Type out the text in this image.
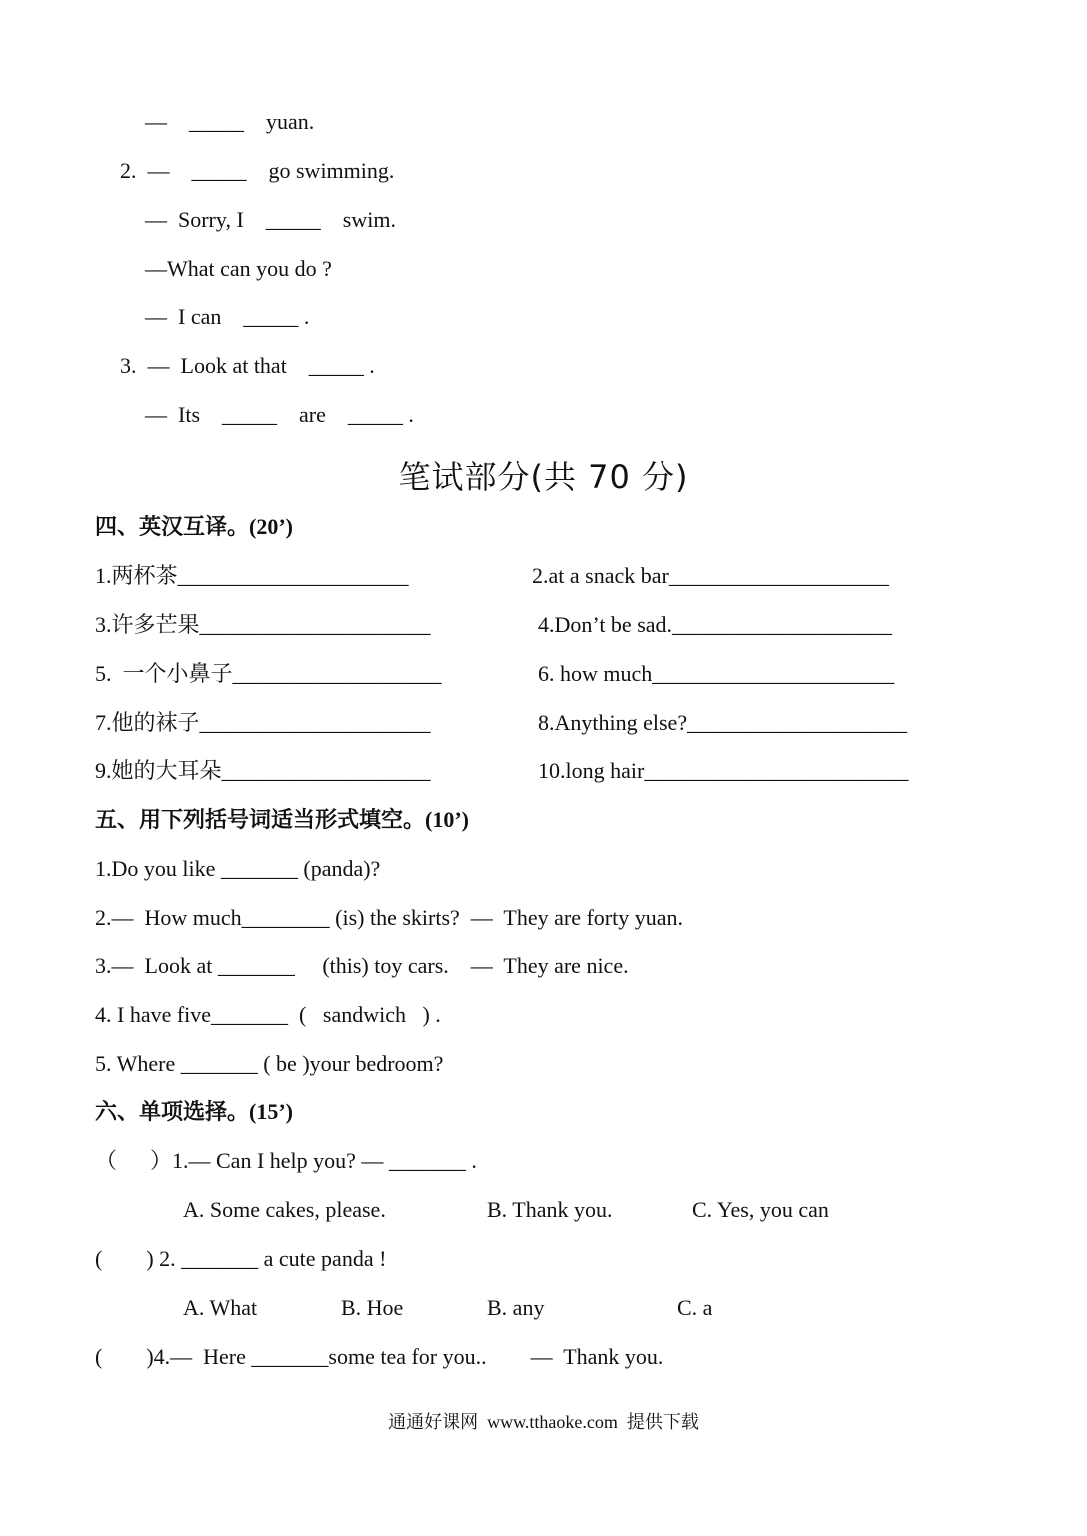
—    _____    yuan.
2.  —    _____    go swimming.
—  Sorry, I    _____    swim.
—What can you do ?
—  I can    _____ .
3.  —  Look at that    _____ .
—  Its    _____    are    _____ .
笔试部分(共 70 分)
四、英汉互译。(20’)
1.两杯茶_____________________	2.at a snack bar____________________
3.许多芒果_____________________	4.Don’t be sad.____________________
5.  一个小鼻子___________________	6. how much______________________
7.他的袜子_____________________	8.Anything else?____________________
9.她的大耳朵___________________	10.long hair________________________
五、用下列括号词适当形式填空。(10’)
1.Do you like _______ (panda)?
2.—  How much________ (is) the skirts?  —  They are forty yuan.
3.—  Look at _______     (this) toy cars.    —  They are nice.
4. I have five_______  (   sandwich   ) .
5. Where _______ ( be )your bedroom?
六、单项选择。(15’)
（      ）1.— Can I help you? — _______ .
A. Some cakes, please.	B. Thank you.	C. Yes, you can
(        ) 2. _______ a cute panda !
A. What	B. Hoe	B. any	C. a
(        )4.—  Here _______some tea for you..        —  Thank you.
通通好课网  www.tthaoke.com  提供下载
